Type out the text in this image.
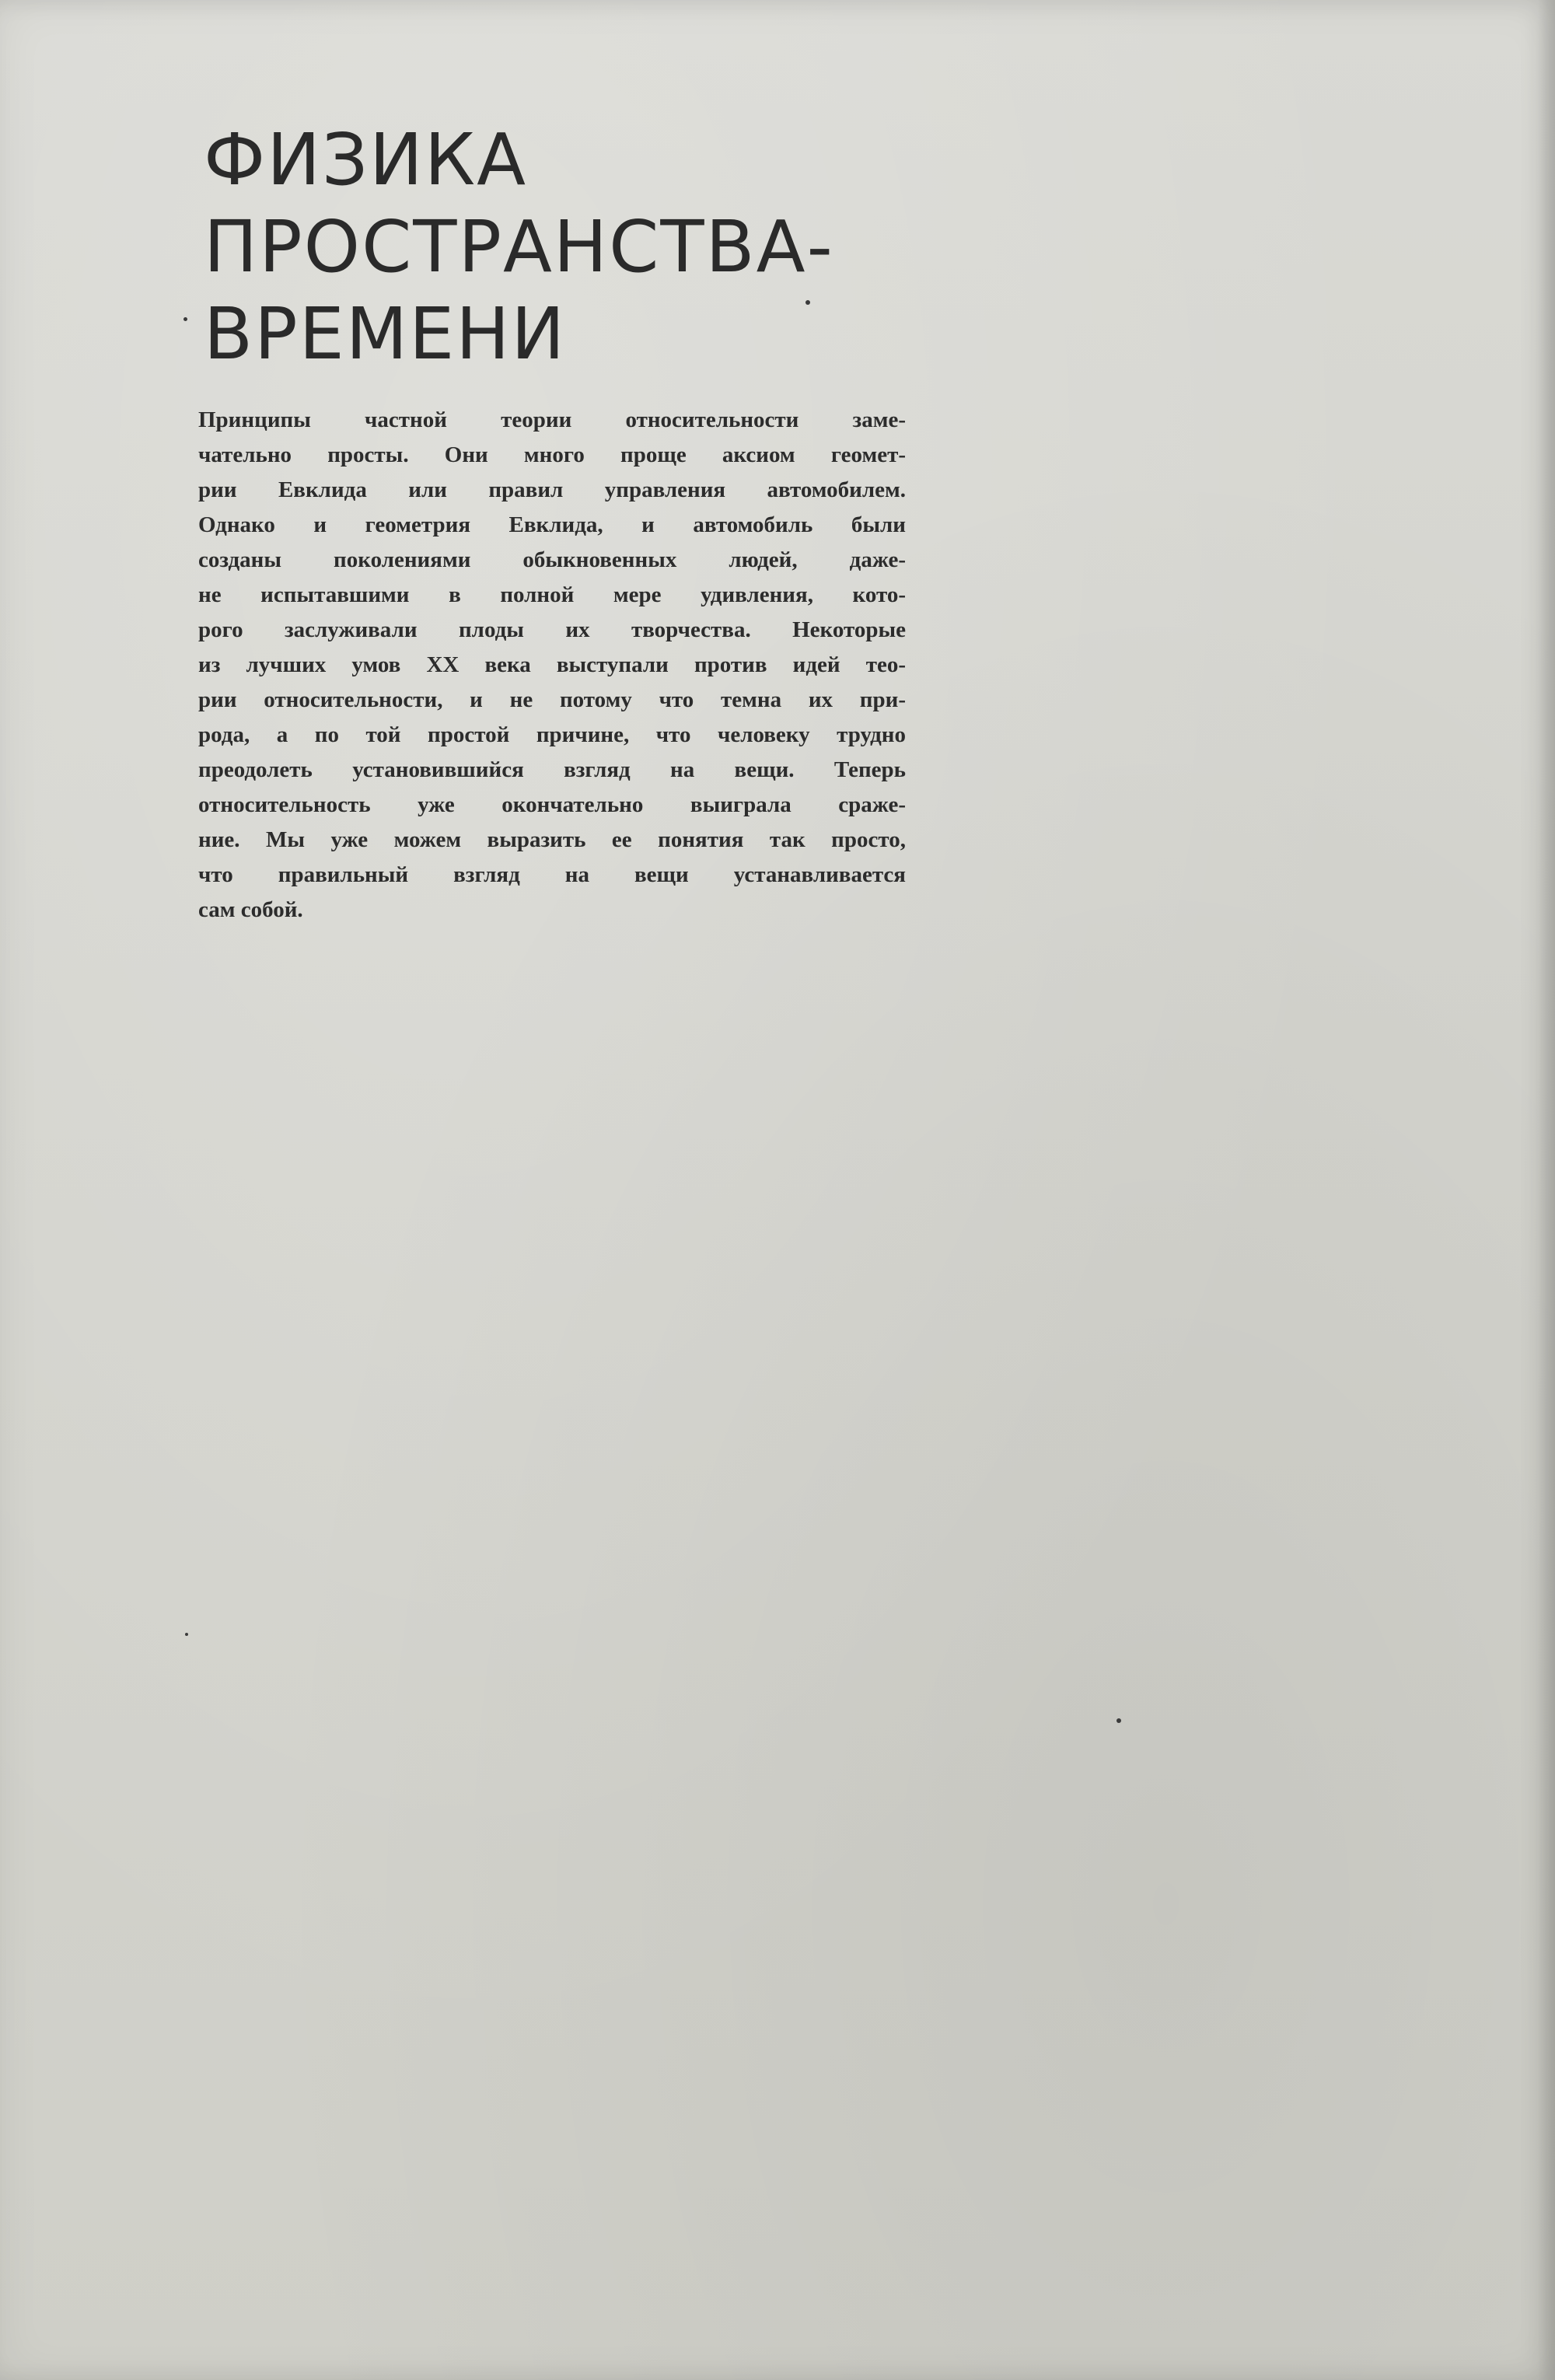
ФИЗИКА
ПРОСТРАНСТВА-
ВРЕМЕНИ
Принципы частной теории относительности заме-
чательно просты. Они много проще аксиом геомет-
рии Евклида или правил управления автомобилем.
Однако и геометрия Евклида, и автомобиль были
созданы поколениями обыкновенных людей, даже-
не испытавшими в полной мере удивления, кото-
рого заслуживали плоды их творчества. Некоторые
из лучших умов XX века выступали против идей тео-
рии относительности, и не потому что темна их при-
рода, а по той простой причине, что человеку трудно
преодолеть установившийся взгляд на вещи. Теперь
относительность уже окончательно выиграла сраже-
ние. Мы уже можем выразить ее понятия так просто,
что правильный взгляд на вещи устанавливается
сам собой.
